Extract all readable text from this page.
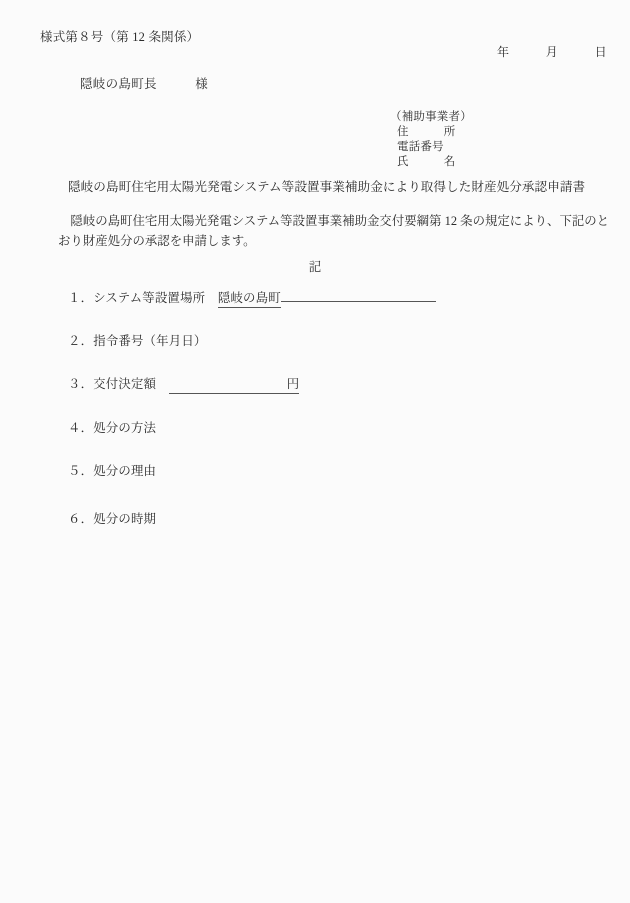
様式第８号（第 12 条関係）
年　　　月　　　日
隠岐の島町長　　　様
（補助事業者）
住　　　所
電話番号
氏　　　名
隠岐の島町住宅用太陽光発電システム等設置事業補助金により取得した財産処分承認申請書
　隠岐の島町住宅用太陽光発電システム等設置事業補助金交付要綱第 12 条の規定により、下記のと
おり財産処分の承認を申請します。
記
１． システム等設置場所
　 隠岐の島町
２． 指令番号（年月日）
３． 交付決定額
　	円
４． 処分の方法
５． 処分の理由
６． 処分の時期
